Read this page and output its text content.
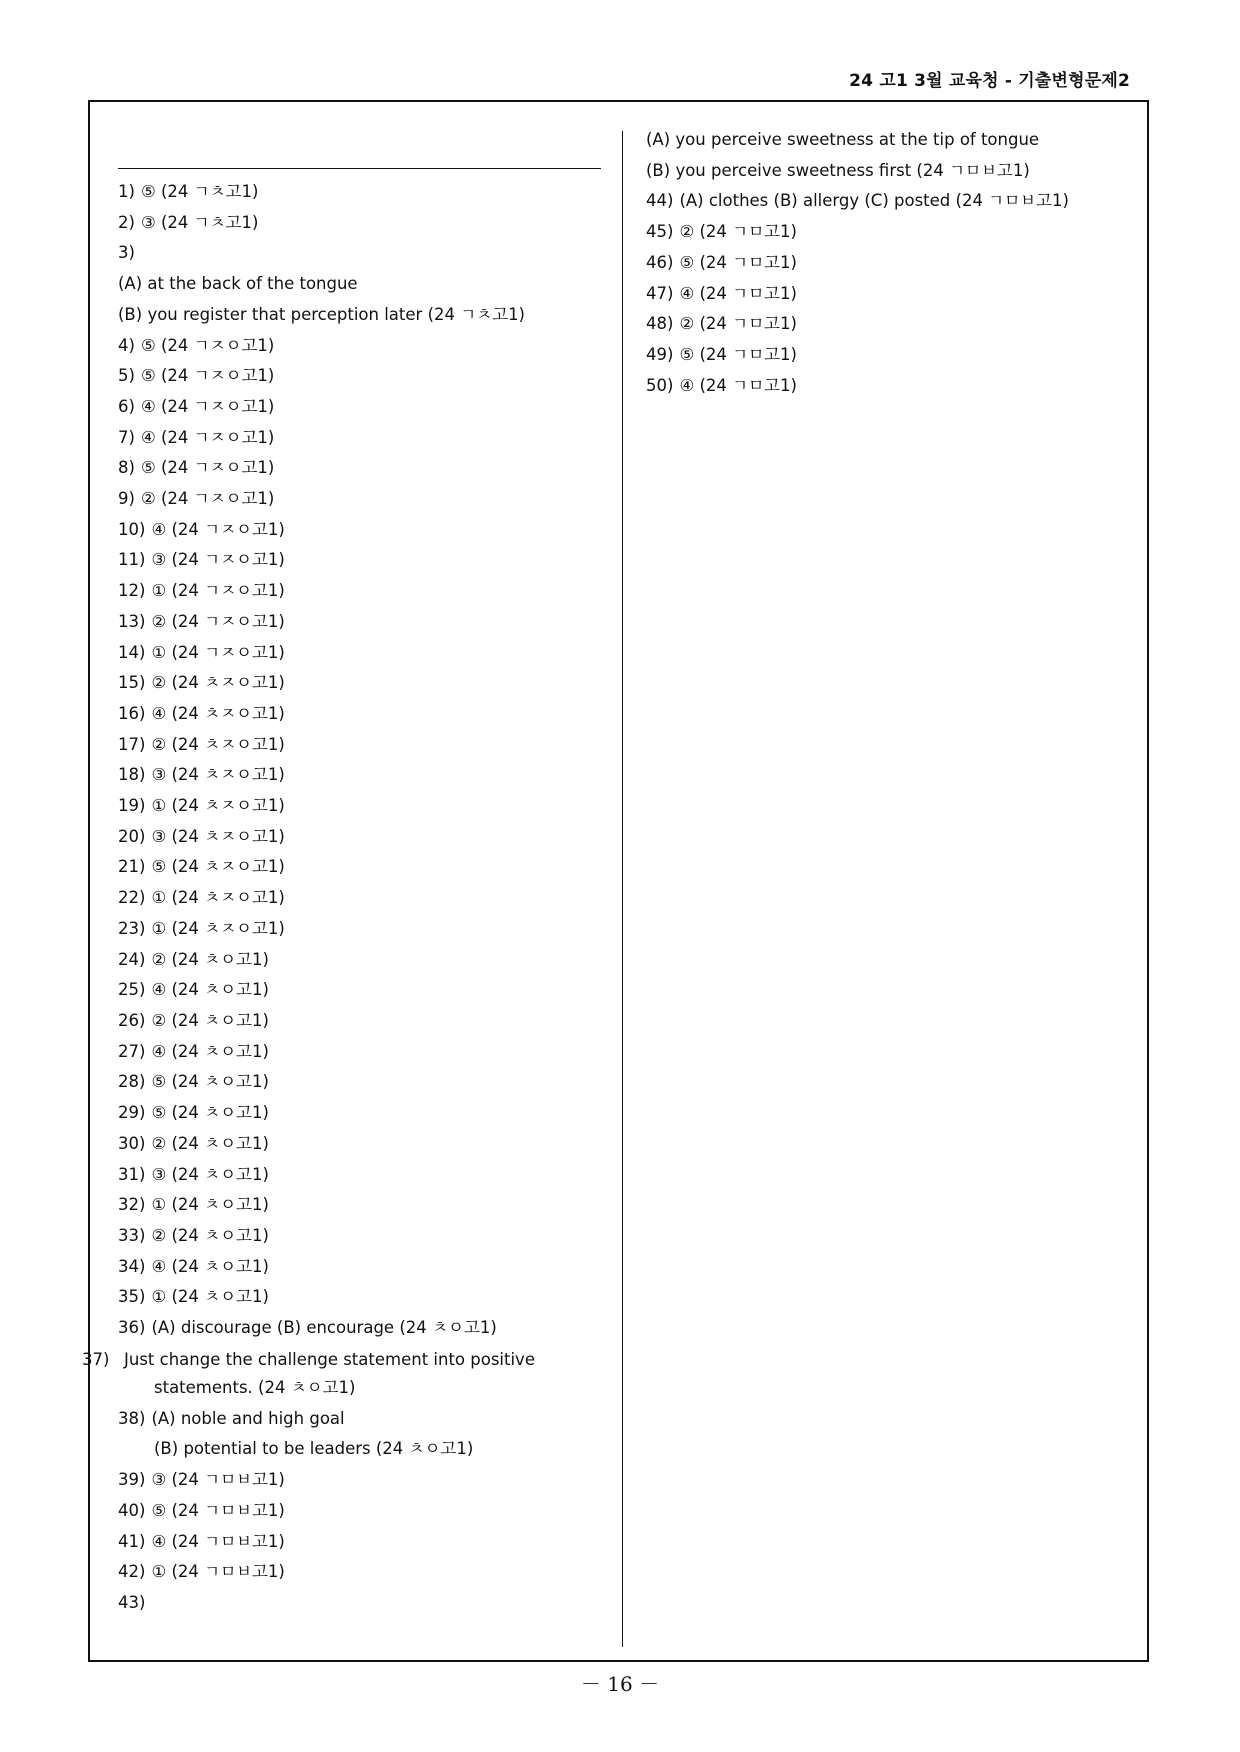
24 고1 3월 교육청 - 기출변형문제2
1) ⑤ (24 ㄱㅊ고1)
2) ③ (24 ㄱㅊ고1)
3)
(A) at the back of the tongue
(B) you register that perception later (24 ㄱㅊ고1)
4) ⑤ (24 ㄱㅈㅇ고1)
5) ⑤ (24 ㄱㅈㅇ고1)
6) ④ (24 ㄱㅈㅇ고1)
7) ④ (24 ㄱㅈㅇ고1)
8) ⑤ (24 ㄱㅈㅇ고1)
9) ② (24 ㄱㅈㅇ고1)
10) ④ (24 ㄱㅈㅇ고1)
11) ③ (24 ㄱㅈㅇ고1)
12) ① (24 ㄱㅈㅇ고1)
13) ② (24 ㄱㅈㅇ고1)
14) ① (24 ㄱㅈㅇ고1)
15) ② (24 ㅊㅈㅇ고1)
16) ④ (24 ㅊㅈㅇ고1)
17) ② (24 ㅊㅈㅇ고1)
18) ③ (24 ㅊㅈㅇ고1)
19) ① (24 ㅊㅈㅇ고1)
20) ③ (24 ㅊㅈㅇ고1)
21) ⑤ (24 ㅊㅈㅇ고1)
22) ① (24 ㅊㅈㅇ고1)
23) ① (24 ㅊㅈㅇ고1)
24) ② (24 ㅊㅇ고1)
25) ④ (24 ㅊㅇ고1)
26) ② (24 ㅊㅇ고1)
27) ④ (24 ㅊㅇ고1)
28) ⑤ (24 ㅊㅇ고1)
29) ⑤ (24 ㅊㅇ고1)
30) ② (24 ㅊㅇ고1)
31) ③ (24 ㅊㅇ고1)
32) ① (24 ㅊㅇ고1)
33) ② (24 ㅊㅇ고1)
34) ④ (24 ㅊㅇ고1)
35) ① (24 ㅊㅇ고1)
36) (A) discourage (B) encourage (24 ㅊㅇ고1)
37) Just change the challenge statement into positive statements. (24 ㅊㅇ고1)
38) (A) noble and high goal
(B) potential to be leaders (24 ㅊㅇ고1)
39) ③ (24 ㄱㅁㅂ고1)
40) ⑤ (24 ㄱㅁㅂ고1)
41) ④ (24 ㄱㅁㅂ고1)
42) ① (24 ㄱㅁㅂ고1)
43)
(A) you perceive sweetness at the tip of tongue
(B) you perceive sweetness first (24 ㄱㅁㅂ고1)
44) (A) clothes (B) allergy (C) posted (24 ㄱㅁㅂ고1)
45) ② (24 ㄱㅁ고1)
46) ⑤ (24 ㄱㅁ고1)
47) ④ (24 ㄱㅁ고1)
48) ② (24 ㄱㅁ고1)
49) ⑤ (24 ㄱㅁ고1)
50) ④ (24 ㄱㅁ고1)
－ 16 －
